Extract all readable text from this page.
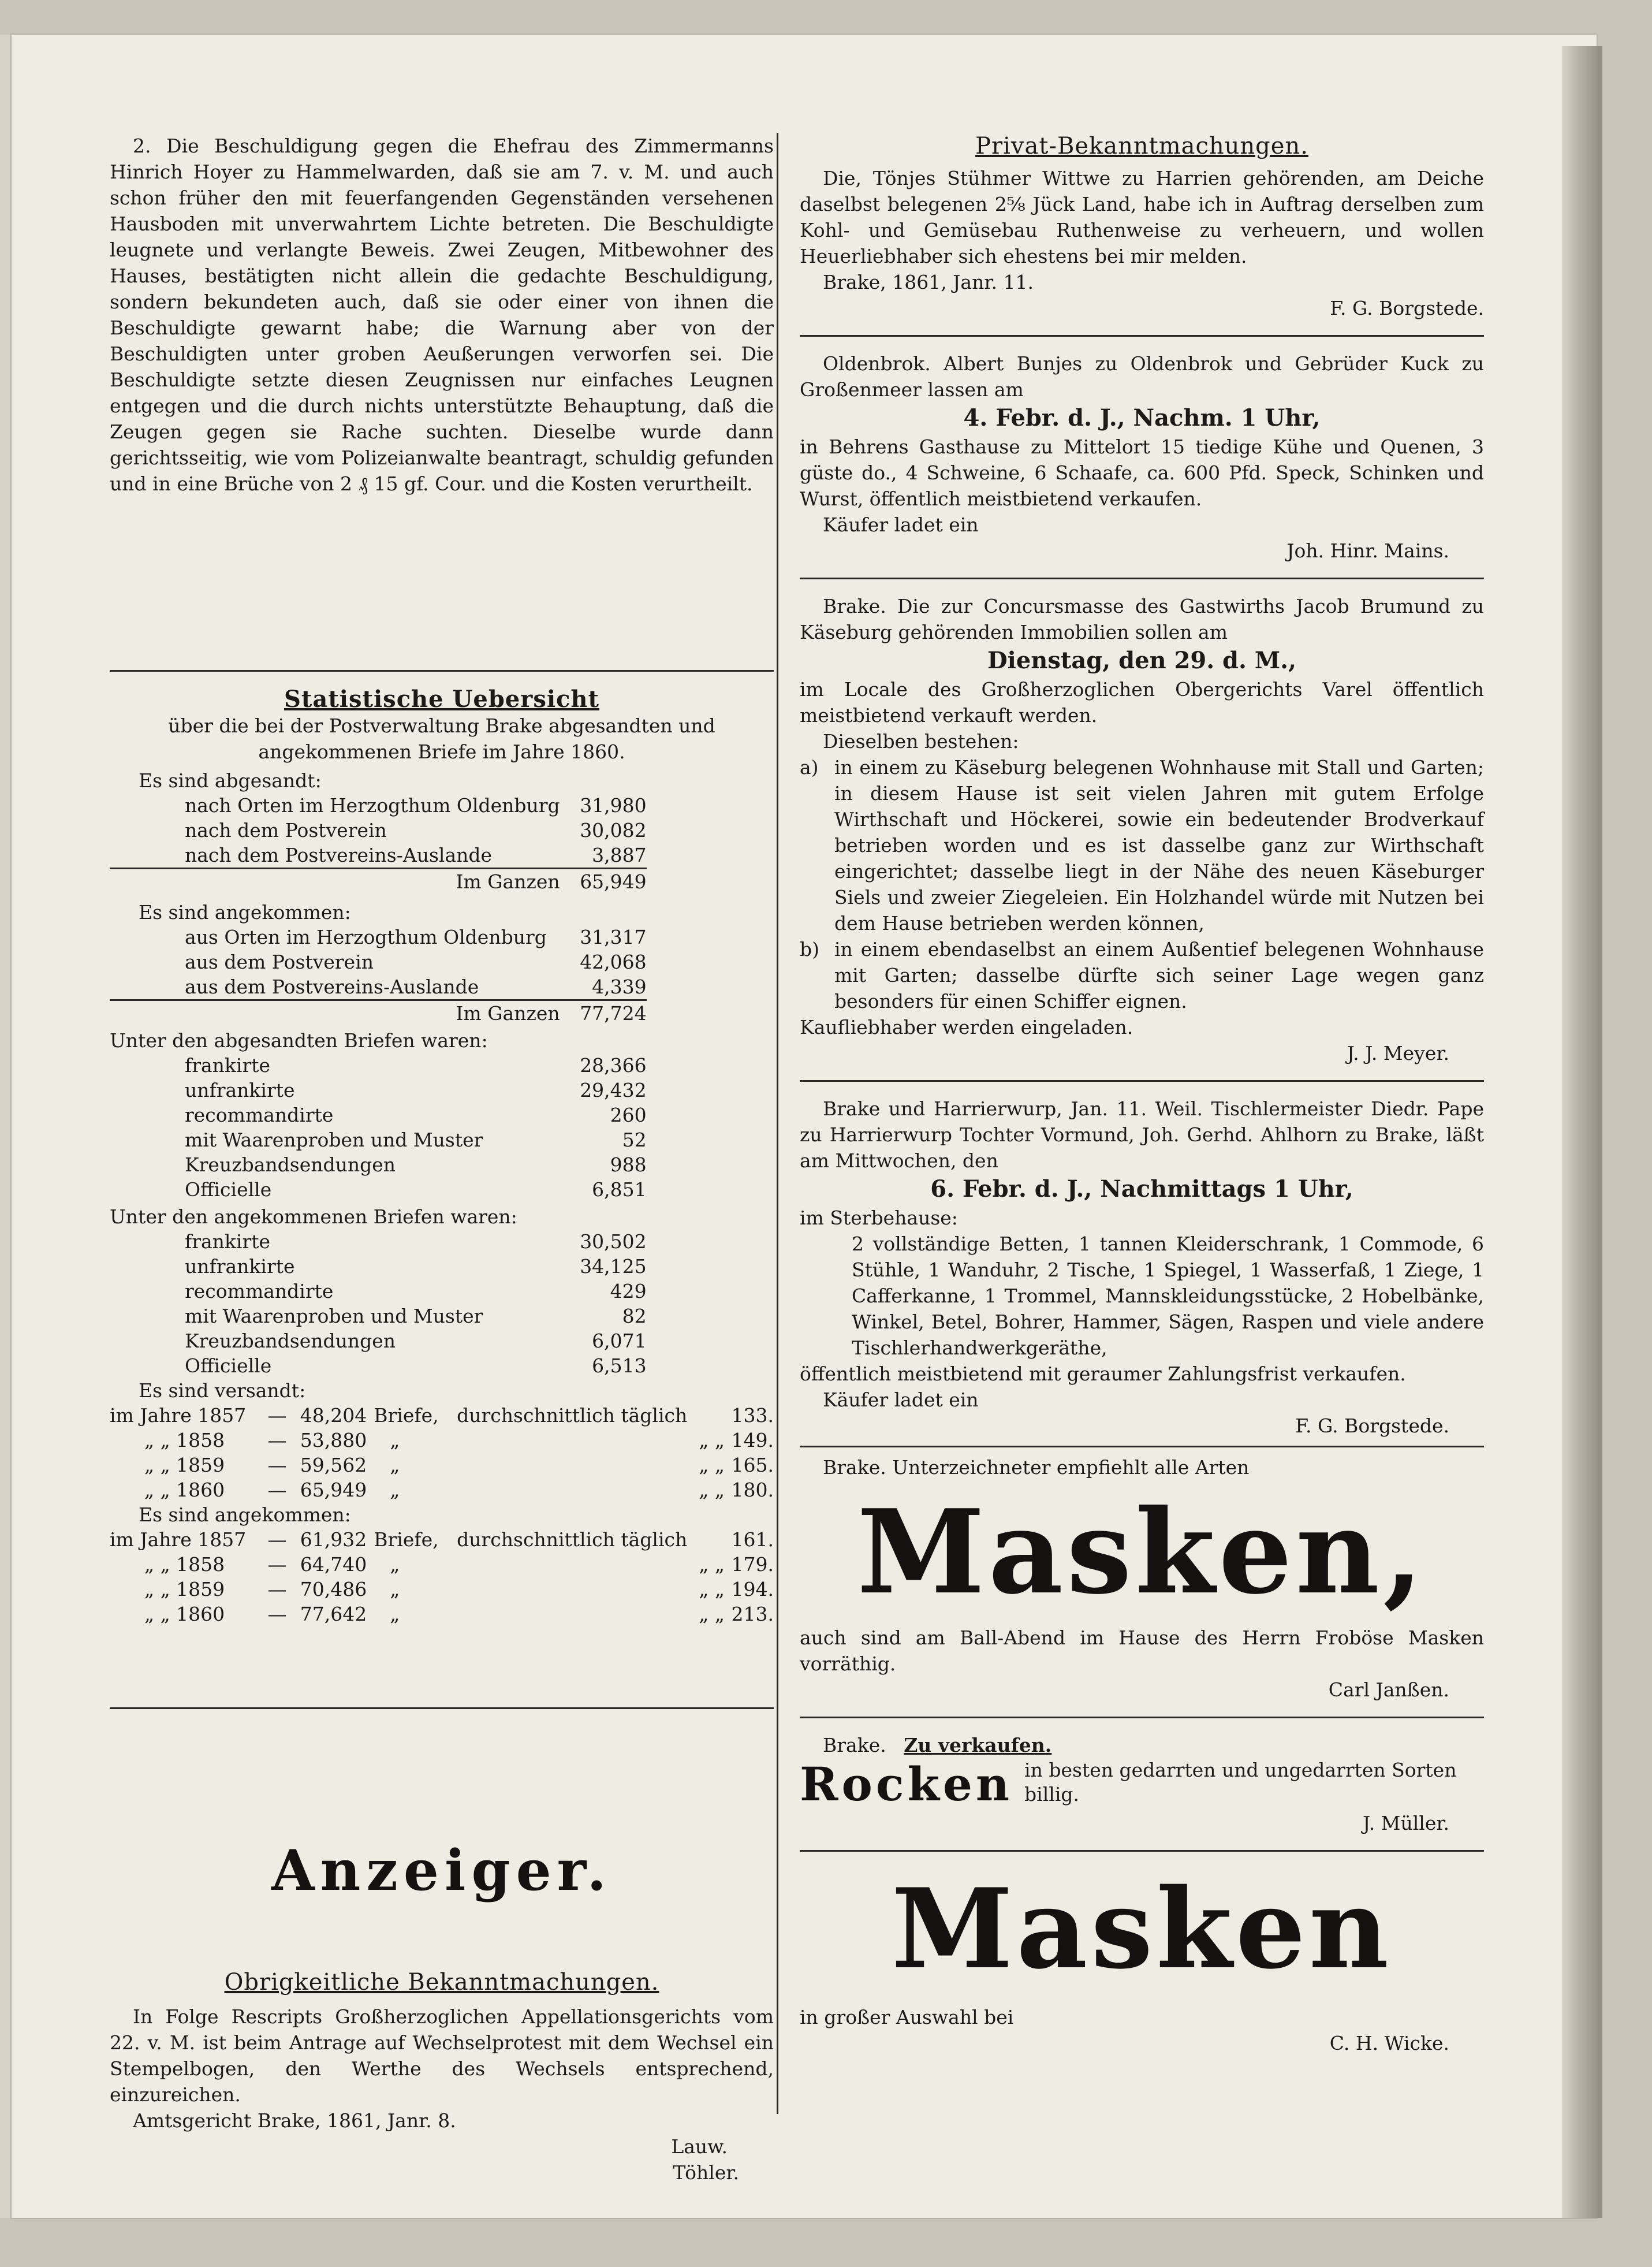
2. Die Beschuldigung gegen die Ehefrau des Zimmermanns Hinrich Hoyer zu Hammelwarden, daß sie am 7. v. M. und auch schon früher den mit feuerfangenden Gegenständen versehenen Hausboden mit unverwahrtem Lichte betreten. Die Beschuldigte leugnete und verlangte Beweis. Zwei Zeugen, Mitbewohner des Hauses, bestätigten nicht allein die gedachte Beschuldigung, sondern bekundeten auch, daß sie oder einer von ihnen die Beschuldigte gewarnt habe; die Warnung aber von der Beschuldigten unter groben Aeußerungen verworfen sei. Die Beschuldigte setzte diesen Zeugnissen nur einfaches Leugnen entgegen und die durch nichts unterstützte Behauptung, daß die Zeugen gegen sie Rache suchten. Dieselbe wurde dann gerichtsseitig, wie vom Polizeianwalte beantragt, schuldig gefunden und in eine Brüche von 2 ₰ 15 gf. Cour. und die Kosten verurtheilt.

Statistische Uebersicht

über die bei der Postverwaltung Brake abgesandten und angekommenen Briefe im Jahre 1860.

Es sind abgesandt:	
nach Orten im Herzogthum Oldenburg	31,980
nach dem Postverein	30,082
nach dem Postvereins-Auslande	3,887
Im Ganzen	65,949
Es sind angekommen:	
aus Orten im Herzogthum Oldenburg	31,317
aus dem Postverein	42,068
aus dem Postvereins-Auslande	4,339
Im Ganzen	77,724
Unter den abgesandten Briefen waren:	
frankirte	28,366
unfrankirte	29,432
recommandirte	260
mit Waarenproben und Muster	52
Kreuzbandsendungen	988
Officielle	6,851
Unter den angekommenen Briefen waren:	
frankirte	30,502
unfrankirte	34,125
recommandirte	429
mit Waarenproben und Muster	82
Kreuzbandsendungen	6,071
Officielle	6,513
Es sind versandt:					
im Jahre 1857	—	48,204	Briefe,	durchschnittlich täglich	133.
„ „ 1858	—	53,880	„	„ „	149.
„ „ 1859	—	59,562	„	„ „	165.
„ „ 1860	—	65,949	„	„ „	180.
Es sind angekommen:					
im Jahre 1857	—	61,932	Briefe,	durchschnittlich täglich	161.
„ „ 1858	—	64,740	„	„ „	179.
„ „ 1859	—	70,486	„	„ „	194.
„ „ 1860	—	77,642	„	„ „	213.

Anzeiger.

Obrigkeitliche Bekanntmachungen.

In Folge Rescripts Großherzoglichen Appellationsgerichts vom 22. v. M. ist beim Antrage auf Wechselprotest mit dem Wechsel ein Stempelbogen, den Werthe des Wechsels entsprechend, einzureichen.

Amtsgericht Brake, 1861, Janr. 8.

Lauw.

Töhler.

Privat-Bekanntmachungen.

Die, Tönjes Stühmer Wittwe zu Harrien gehörenden, am Deiche daselbst belegenen 2⅝ Jück Land, habe ich in Auftrag derselben zum Kohl- und Gemüsebau Ruthenweise zu verheuern, und wollen Heuerliebhaber sich ehestens bei mir melden.

Brake, 1861, Janr. 11.

F. G. Borgstede.

Oldenbrok. Albert Bunjes zu Oldenbrok und Gebrüder Kuck zu Großenmeer lassen am

4. Febr. d. J., Nachm. 1 Uhr,

in Behrens Gasthause zu Mittelort 15 tiedige Kühe und Quenen, 3 güste do., 4 Schweine, 6 Schaafe, ca. 600 Pfd. Speck, Schinken und Wurst, öffentlich meistbietend verkaufen.

Käufer ladet ein

Joh. Hinr. Mains.

Brake. Die zur Concursmasse des Gastwirths Jacob Brumund zu Käseburg gehörenden Immobilien sollen am

Dienstag, den 29. d. M.,

im Locale des Großherzoglichen Obergerichts Varel öffentlich meistbietend verkauft werden.

Dieselben bestehen:

a) in einem zu Käseburg belegenen Wohnhause mit Stall und Garten; in diesem Hause ist seit vielen Jahren mit gutem Erfolge Wirthschaft und Höckerei, sowie ein bedeutender Brodverkauf betrieben worden und es ist dasselbe ganz zur Wirthschaft eingerichtet; dasselbe liegt in der Nähe des neuen Käseburger Siels und zweier Ziegeleien. Ein Holzhandel würde mit Nutzen bei dem Hause betrieben werden können,
b) in einem ebendaselbst an einem Außentief belegenen Wohnhause mit Garten; dasselbe dürfte sich seiner Lage wegen ganz besonders für einen Schiffer eignen.

Kaufliebhaber werden eingeladen.

J. J. Meyer.

Brake und Harrierwurp, Jan. 11. Weil. Tischlermeister Diedr. Pape zu Harrierwurp Tochter Vormund, Joh. Gerhd. Ahlhorn zu Brake, läßt am Mittwochen, den

6. Febr. d. J., Nachmittags 1 Uhr,

im Sterbehause:

2 vollständige Betten, 1 tannen Kleiderschrank, 1 Commode, 6 Stühle, 1 Wanduhr, 2 Tische, 1 Spiegel, 1 Wasserfaß, 1 Ziege, 1 Cafferkanne, 1 Trommel, Mannskleidungsstücke, 2 Hobelbänke, Winkel, Betel, Bohrer, Hammer, Sägen, Raspen und viele andere Tischlerhandwerkgeräthe,

öffentlich meistbietend mit geraumer Zahlungsfrist verkaufen.

Käufer ladet ein

F. G. Borgstede.

Brake. Unterzeichneter empfiehlt alle Arten

Masken,

auch sind am Ball-Abend im Hause des Herrn Froböse Masken vorräthig.

Carl Janßen.

Brake. Zu verkaufen.

Rocken in besten gedarrten und ungedarrten Sorten billig.

J. Müller.

Masken

in großer Auswahl bei

C. H. Wicke.
